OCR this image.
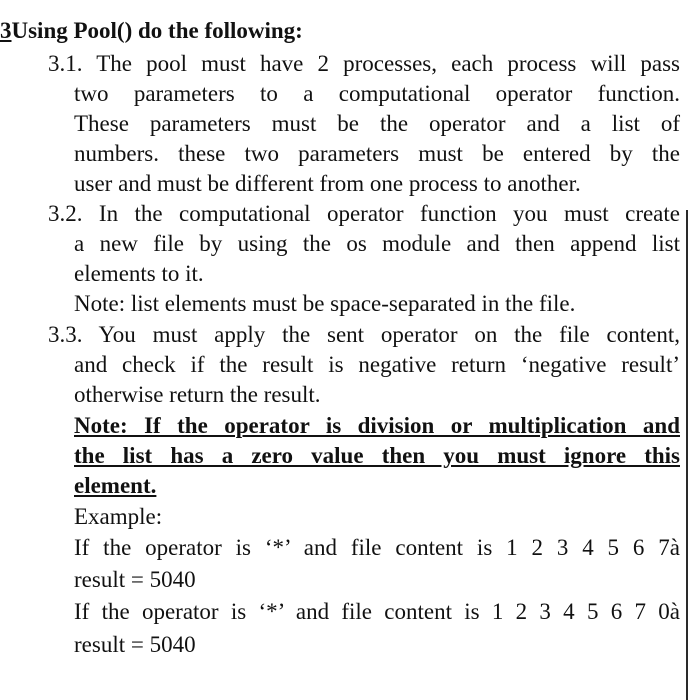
3Using Pool() do the following:
3.1. The pool must have 2 processes, each process will pass
two parameters to a computational operator function.
These parameters must be the operator and a list of
numbers. these two parameters must be entered by the
user and must be different from one process to another.
3.2. In the computational operator function you must create
a new file by using the os module and then append list
elements to it.
Note: list elements must be space-separated in the file.
3.3. You must apply the sent operator on the file content,
and check if the result is negative return ‘negative result’
otherwise return the result.
Note: If the operator is division or multiplication and
the list has a zero value then you must ignore this
element.
Example:
If the operator is ‘*’ and file content is 1 2 3 4 5 6 7à
result = 5040
If the operator is ‘*’ and file content is 1 2 3 4 5 6 7 0à
result = 5040
